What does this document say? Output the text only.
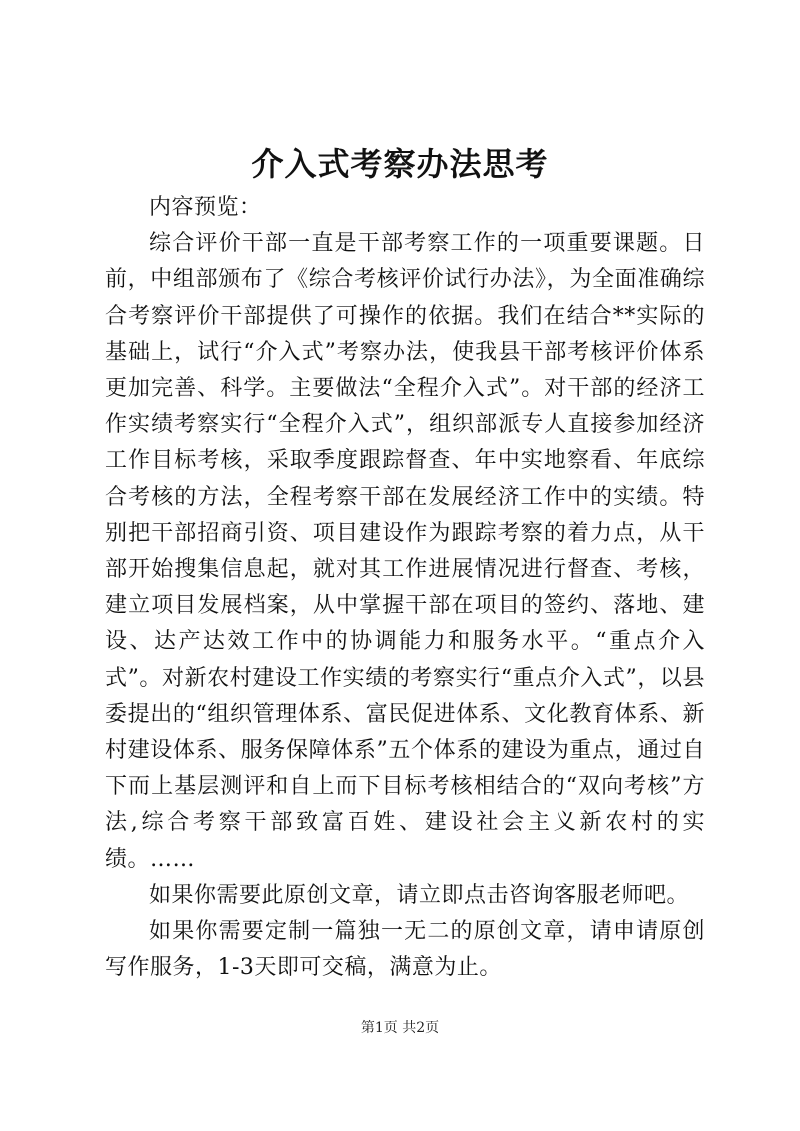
介入式考察办法思考

内容预览：

综合评价干部一直是干部考察工作的一项重要课题。日前，中组部颁布了《综合考核评价试行办法》，为全面准确综合考察评价干部提供了可操作的依据。我们在结合**实际的基础上，试行“介入式”考察办法，使我县干部考核评价体系更加完善、科学。主要做法“全程介入式”。对干部的经济工作实绩考察实行“全程介入式”，组织部派专人直接参加经济工作目标考核，采取季度跟踪督查、年中实地察看、年底综合考核的方法，全程考察干部在发展经济工作中的实绩。特别把干部招商引资、项目建设作为跟踪考察的着力点，从干部开始搜集信息起，就对其工作进展情况进行督查、考核，建立项目发展档案，从中掌握干部在项目的签约、落地、建设、达产达效工作中的协调能力和服务水平。“重点介入式”。对新农村建设工作实绩的考察实行“重点介入式”，以县委提出的“组织管理体系、富民促进体系、文化教育体系、新村建设体系、服务保障体系”五个体系的建设为重点，通过自下而上基层测评和自上而下目标考核相结合的“双向考核”方法,综合考察干部致富百姓、建设社会主义新农村的实绩。……

如果你需要此原创文章，请立即点击咨询客服老师吧。

如果你需要定制一篇独一无二的原创文章，请申请原创写作服务，1-3天即可交稿，满意为止。

第1页 共2页
